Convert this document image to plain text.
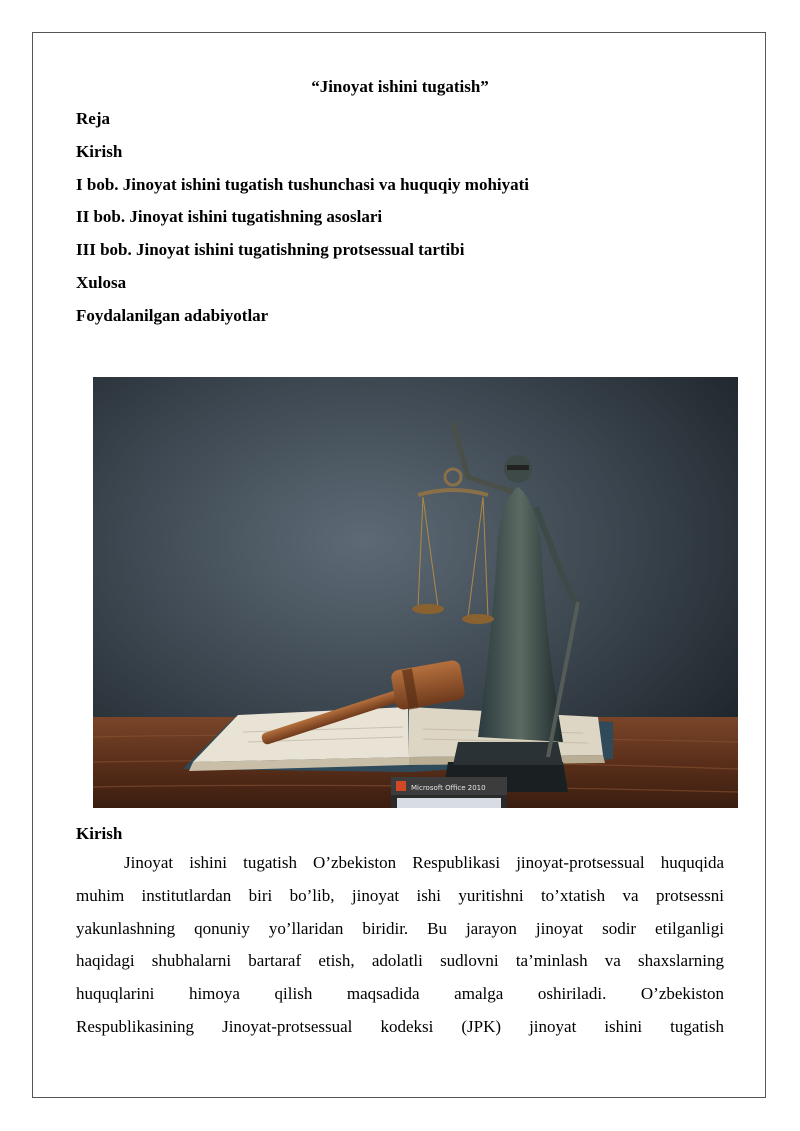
“Jinoyat ishini tugatish”
Reja
Kirish
I bob. Jinoyat ishini tugatish tushunchasi va huquqiy mohiyati
II bob. Jinoyat ishini tugatishning asoslari
III bob. Jinoyat ishini tugatishning protsessual tartibi
Xulosa
Foydalanilgan adabiyotlar
Microsoft Office 2010
Kirish
Jinoyat ishini tugatish O’zbekiston Respublikasi jinoyat-protsessual huquqida
muhim institutlardan biri bo’lib, jinoyat ishi yuritishni to’xtatish va protsessni
yakunlashning qonuniy yo’llaridan biridir. Bu jarayon jinoyat sodir etilganligi
haqidagi shubhalarni bartaraf etish, adolatli sudlovni ta’minlash va shaxslarning
huquqlarini himoya qilish maqsadida amalga oshiriladi. O’zbekiston
Respublikasining Jinoyat-protsessual kodeksi (JPK) jinoyat ishini tugatish
